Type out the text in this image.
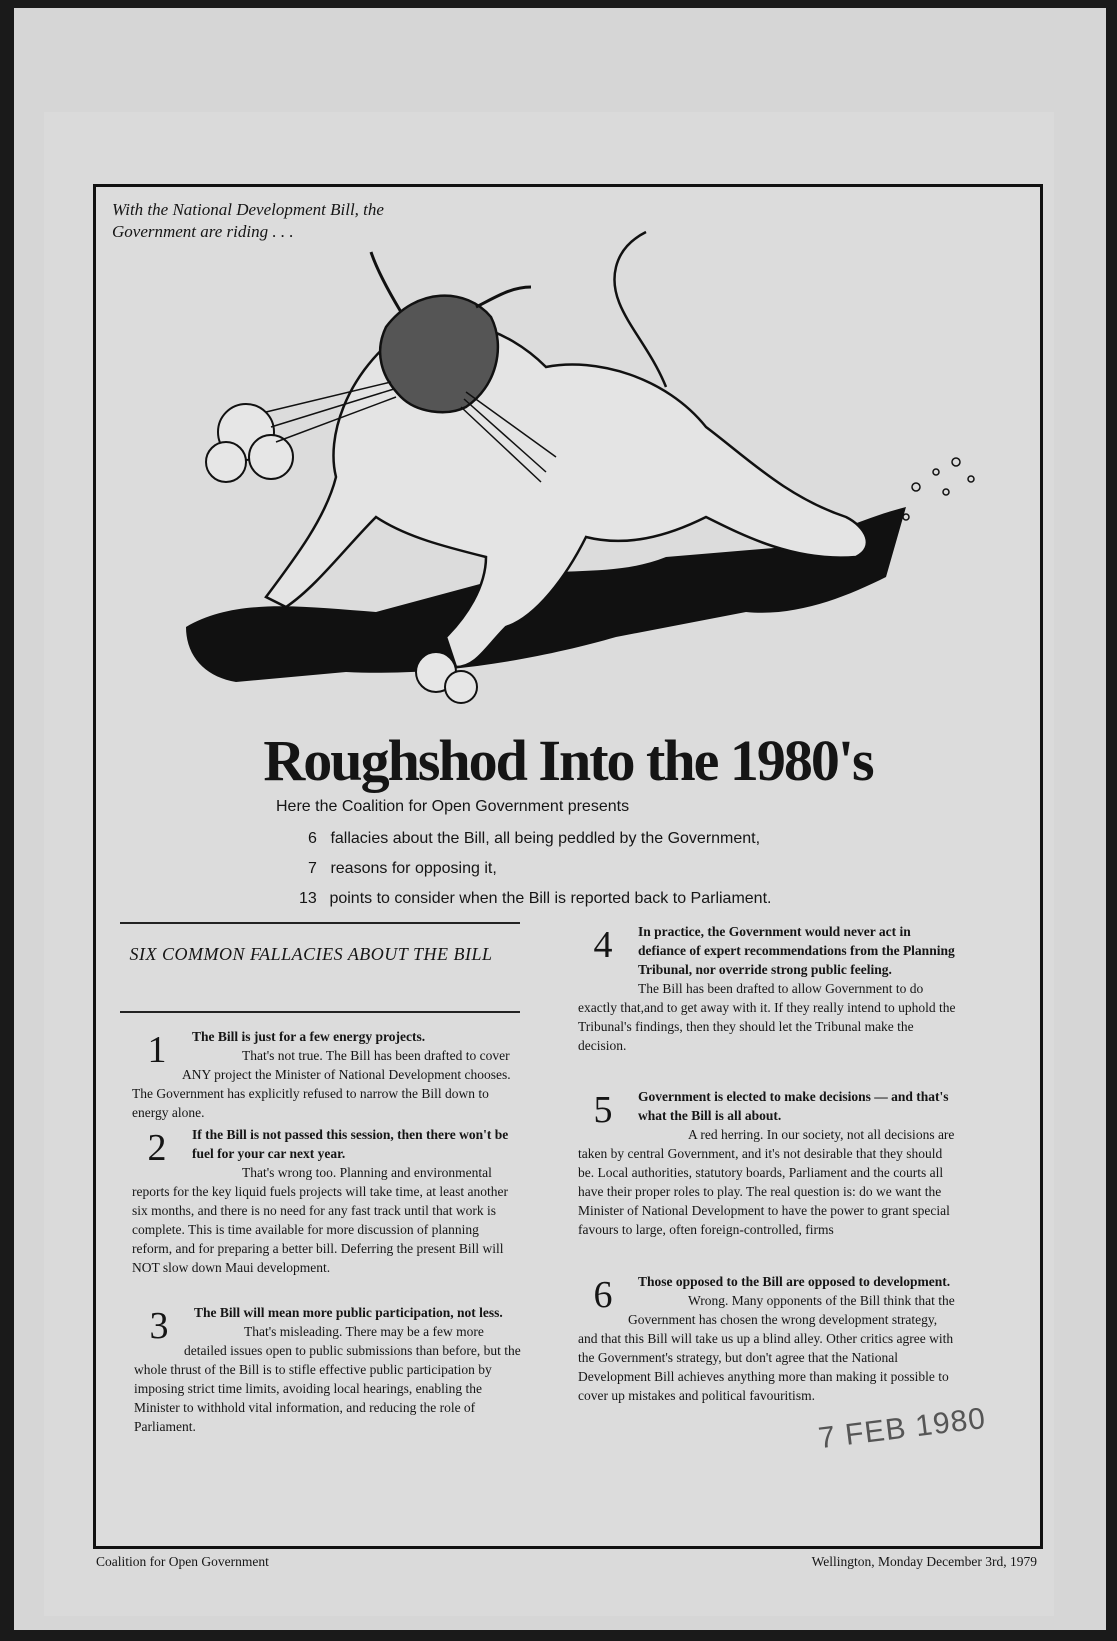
With the National Development Bill, the Government are riding . . .
Roughshod Into the 1980's
Here the Coalition for Open Government presents
6 fallacies about the Bill, all being peddled by the Government,
7 reasons for opposing it,
13 points to consider when the Bill is reported back to Parliament.
SIX COMMON FALLACIES ABOUT THE BILL
1	The Bill is just for a few energy projects.
That's not true. The Bill has been drafted to cover ANY project the Minister of National Development chooses. The Government has explicitly refused to narrow the Bill down to energy alone.
2	If the Bill is not passed this session, then there won't be fuel for your car next year.
That's wrong too. Planning and environmental reports for the key liquid fuels projects will take time, at least another six months, and there is no need for any fast track until that work is complete. This is time available for more discussion of planning reform, and for preparing a better bill. Deferring the present Bill will NOT slow down Maui development.
3	The Bill will mean more public participation, not less.
That's misleading. There may be a few more detailed issues open to public submissions than before, but the whole thrust of the Bill is to stifle effective public participation by imposing strict time limits, avoiding local hearings, enabling the Minister to withhold vital information, and reducing the role of Parliament.
4	In practice, the Government would never act in defiance of expert recommendations from the Planning Tribunal, nor override strong public feeling.
The Bill has been drafted to allow Government to do exactly that,and to get away with it. If they really intend to uphold the Tribunal's findings, then they should let the Tribunal make the decision.
5	Government is elected to make decisions — and that's what the Bill is all about.
A red herring. In our society, not all decisions are taken by central Government, and it's not desirable that they should be. Local authorities, statutory boards, Parliament and the courts all have their proper roles to play. The real question is: do we want the Minister of National Development to have the power to grant special favours to large, often foreign-controlled, firms
6	Those opposed to the Bill are opposed to development.
Wrong. Many opponents of the Bill think that the Government has chosen the wrong development strategy, and that this Bill will take us up a blind alley. Other critics agree with the Government's strategy, but don't agree that the National Development Bill achieves anything more than making it possible to cover up mistakes and political favouritism.
7 FEB 1980
Coalition for Open Government	Wellington, Monday December 3rd, 1979
